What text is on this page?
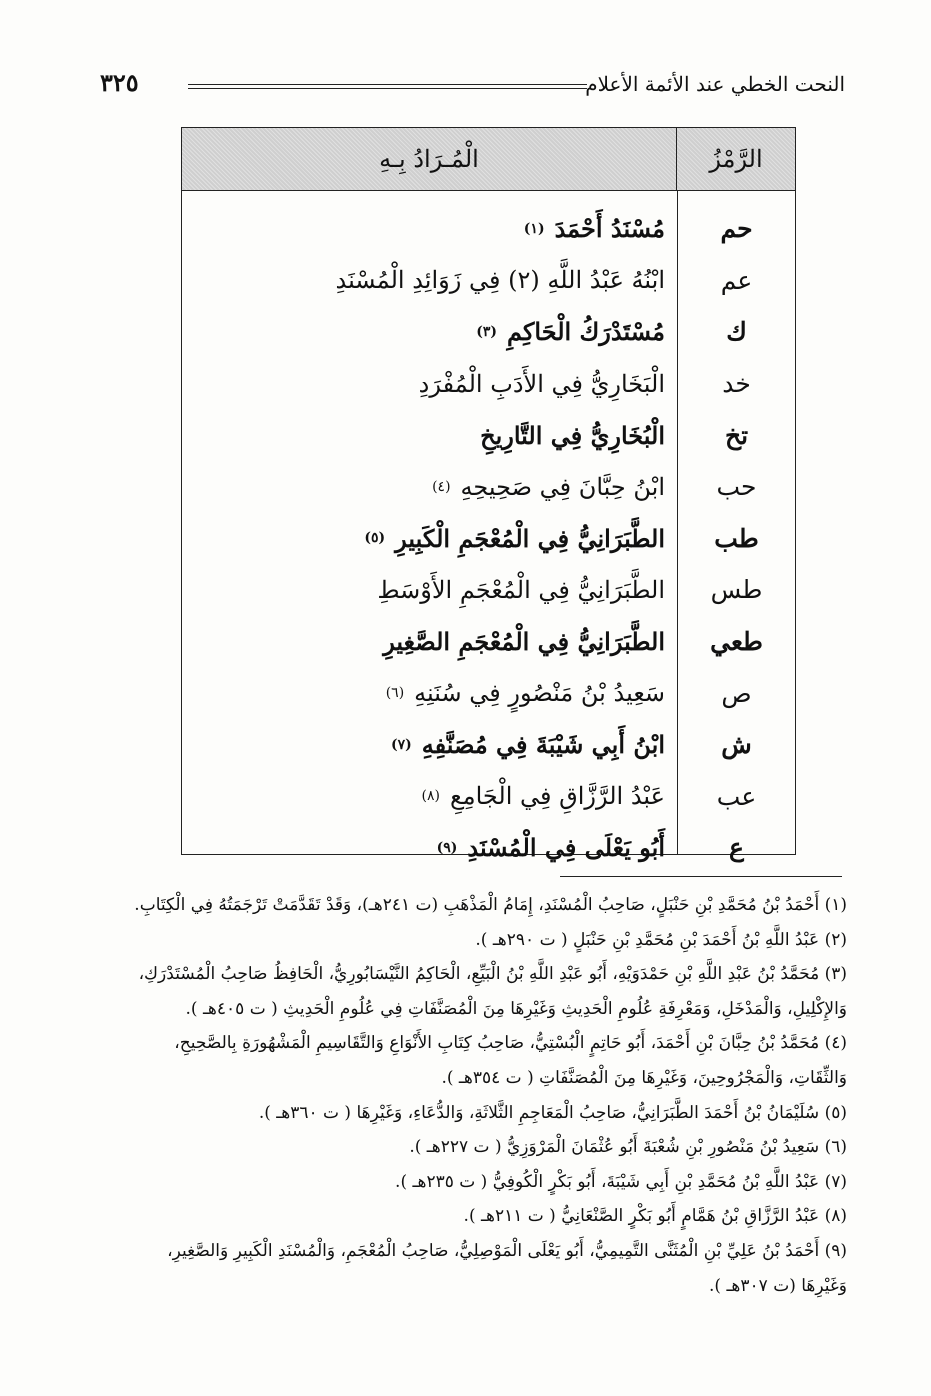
النحت الخطي عند الأئمة الأعلام
٣٢٥
الرَّمْزُ
الْمُـرَادُ بِـهِ
حم
عم
ك
خد
تخ
حب
طب
طس
طعي
ص
ش
عب
ع
مُسْنَدُ أَحْمَدَ
(١)
ابْنُهُ عَبْدُ اللَّهِ (٢) فِي زَوَائِدِ الْمُسْنَدِ
مُسْتَدْرَكُ الْحَاكِمِ
(٣)
الْبَخَارِيُّ فِي الأَدَبِ الْمُفْرَدِ
الْبُخَارِيُّ فِي التَّارِيخِ
ابْنُ حِبَّانَ فِي صَحِيحِهِ
(٤)
الطَّبَرَانِيُّ فِي الْمُعْجَمِ الْكَبِيرِ
(٥)
الطَّبَرَانِيُّ فِي الْمُعْجَمِ الأَوْسَطِ
الطَّبَرَانِيُّ فِي الْمُعْجَمِ الصَّغِيرِ
سَعِيدُ بْنُ مَنْصُورٍ فِي سُنَنِهِ
(٦)
ابْنُ أَبِي شَيْبَةَ فِي مُصَنَّفِهِ
(٧)
عَبْدُ الرَّزَّاقِ فِي الْجَامِعِ
(٨)
أَبُو يَعْلَى فِي الْمُسْنَدِ
(٩)
(١) أَحْمَدُ بْنُ مُحَمَّدِ بْنِ حَنْبَلٍ، صَاحِبُ الْمُسْنَدِ، إِمَامُ الْمَذْهَبِ (ت ٢٤١هـ)، وَقَدْ تَقَدَّمَتْ تَرْجَمَتُهُ فِي الْكِتَابِ.
(٢) عَبْدُ اللَّهِ بْنُ أَحْمَدَ بْنِ مُحَمَّدِ بْنِ حَنْبَلٍ ( ت ٢٩٠هـ ).
(٣) مُحَمَّدُ بْنُ عَبْدِ اللَّهِ بْنِ حَمْدَوَيْهِ، أَبُو عَبْدِ اللَّهِ بْنُ الْبَيِّعِ، الْحَاكِمُ النَّيْسَابُورِيُّ، الْحَافِظُ صَاحِبُ الْمُسْتَدْرَكِ،
وَالإِكْلِيلِ، وَالْمَدْخَلِ، وَمَعْرِفَةِ عُلُومِ الْحَدِيثِ وَغَيْرِهَا مِنَ الْمُصَنَّفَاتِ فِي عُلُومِ الْحَدِيثِ ( ت ٤٠٥هـ ).
(٤) مُحَمَّدُ بْنُ حِبَّانَ بْنِ أَحْمَدَ، أَبُو حَاتِمٍ الْبُسْتِيُّ، صَاحِبُ كِتَابِ الأَنْوَاعِ وَالتَّقَاسِيمِ الْمَشْهُورَةِ بِالصَّحِيحِ،
وَالثِّقَاتِ، وَالْمَجْرُوحِينَ، وَغَيْرِهَا مِنَ الْمُصَنَّفَاتِ ( ت ٣٥٤هـ ).
(٥) سُلَيْمَانُ بْنُ أَحْمَدَ الطَّبَرَانِيُّ، صَاحِبُ الْمَعَاجِمِ الثَّلاثَةِ، وَالدُّعَاءِ، وَغَيْرِهَا ( ت ٣٦٠هـ ).
(٦) سَعِيدُ بْنُ مَنْصُورِ بْنِ شُعْبَةَ أَبُو عُثْمَانَ الْمَرْوَزِيُّ ( ت ٢٢٧هـ ).
(٧) عَبْدُ اللَّهِ بْنُ مُحَمَّدِ بْنِ أَبِي شَيْبَةَ، أَبُو بَكْرٍ الْكُوفِيُّ ( ت ٢٣٥هـ ).
(٨) عَبْدُ الرَّزَّاقِ بْنُ هَمَّامٍ أَبُو بَكْرٍ الصَّنْعَانِيُّ ( ت ٢١١هـ ).
(٩) أَحْمَدُ بْنُ عَلِيِّ بْنِ الْمُثَنَّى التَّمِيمِيُّ، أَبُو يَعْلَى الْمَوْصِلِيُّ، صَاحِبُ الْمُعْجَمِ، وَالْمُسْنَدِ الْكَبِيرِ وَالصَّغِيرِ،
وَغَيْرِهَا (ت ٣٠٧هـ ).
